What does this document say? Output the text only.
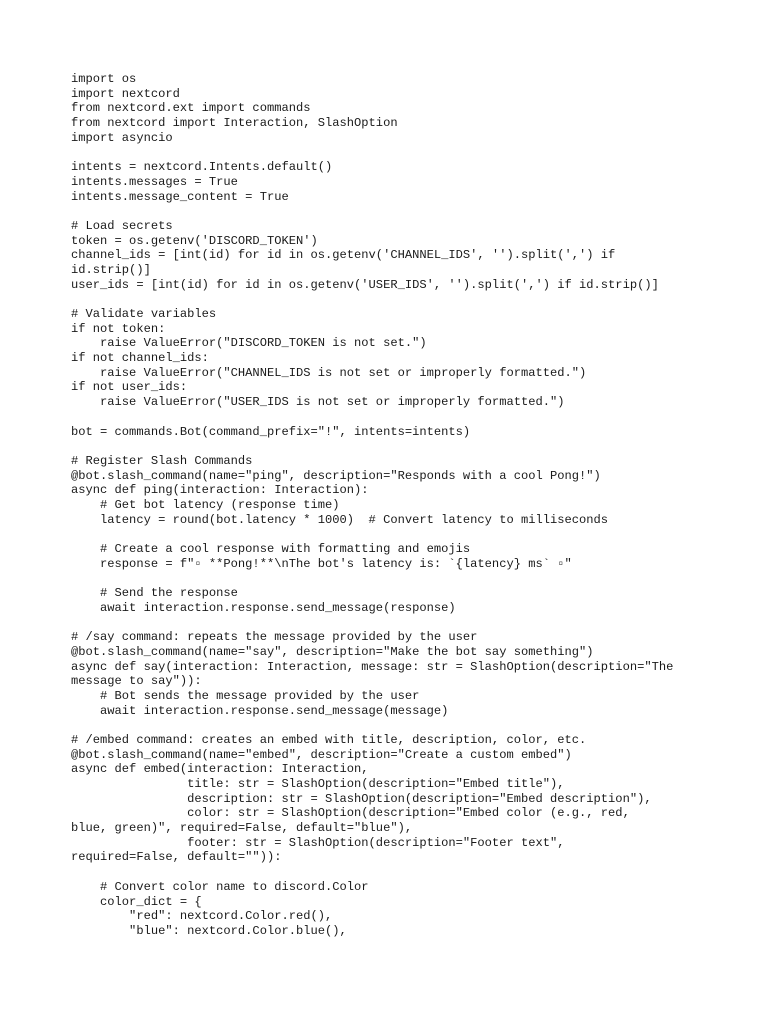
import os
import nextcord
from nextcord.ext import commands
from nextcord import Interaction, SlashOption
import asyncio
intents = nextcord.Intents.default()
intents.messages = True
intents.message_content = True
# Load secrets
token = os.getenv('DISCORD_TOKEN')
channel_ids = [int(id) for id in os.getenv('CHANNEL_IDS', '').split(',') if
id.strip()]
user_ids = [int(id) for id in os.getenv('USER_IDS', '').split(',') if id.strip()]
# Validate variables
if not token:
raise ValueError("DISCORD_TOKEN is not set.")
if not channel_ids:
raise ValueError("CHANNEL_IDS is not set or improperly formatted.")
if not user_ids:
raise ValueError("USER_IDS is not set or improperly formatted.")
bot = commands.Bot(command_prefix="!", intents=intents)
# Register Slash Commands
@bot.slash_command(name="ping", description="Responds with a cool Pong!")
async def ping(interaction: Interaction):
# Get bot latency (response time)
latency = round(bot.latency * 1000)  # Convert latency to milliseconds
# Create a cool response with formatting and emojis
response = f"▫ **Pong!**\nThe bot's latency is: `{latency} ms` ▫"
# Send the response
await interaction.response.send_message(response)
# /say command: repeats the message provided by the user
@bot.slash_command(name="say", description="Make the bot say something")
async def say(interaction: Interaction, message: str = SlashOption(description="The
message to say")):
# Bot sends the message provided by the user
await interaction.response.send_message(message)
# /embed command: creates an embed with title, description, color, etc.
@bot.slash_command(name="embed", description="Create a custom embed")
async def embed(interaction: Interaction,
title: str = SlashOption(description="Embed title"),
description: str = SlashOption(description="Embed description"),
color: str = SlashOption(description="Embed color (e.g., red,
blue, green)", required=False, default="blue"),
footer: str = SlashOption(description="Footer text",
required=False, default="")):
# Convert color name to discord.Color
color_dict = {
"red": nextcord.Color.red(),
"blue": nextcord.Color.blue(),
